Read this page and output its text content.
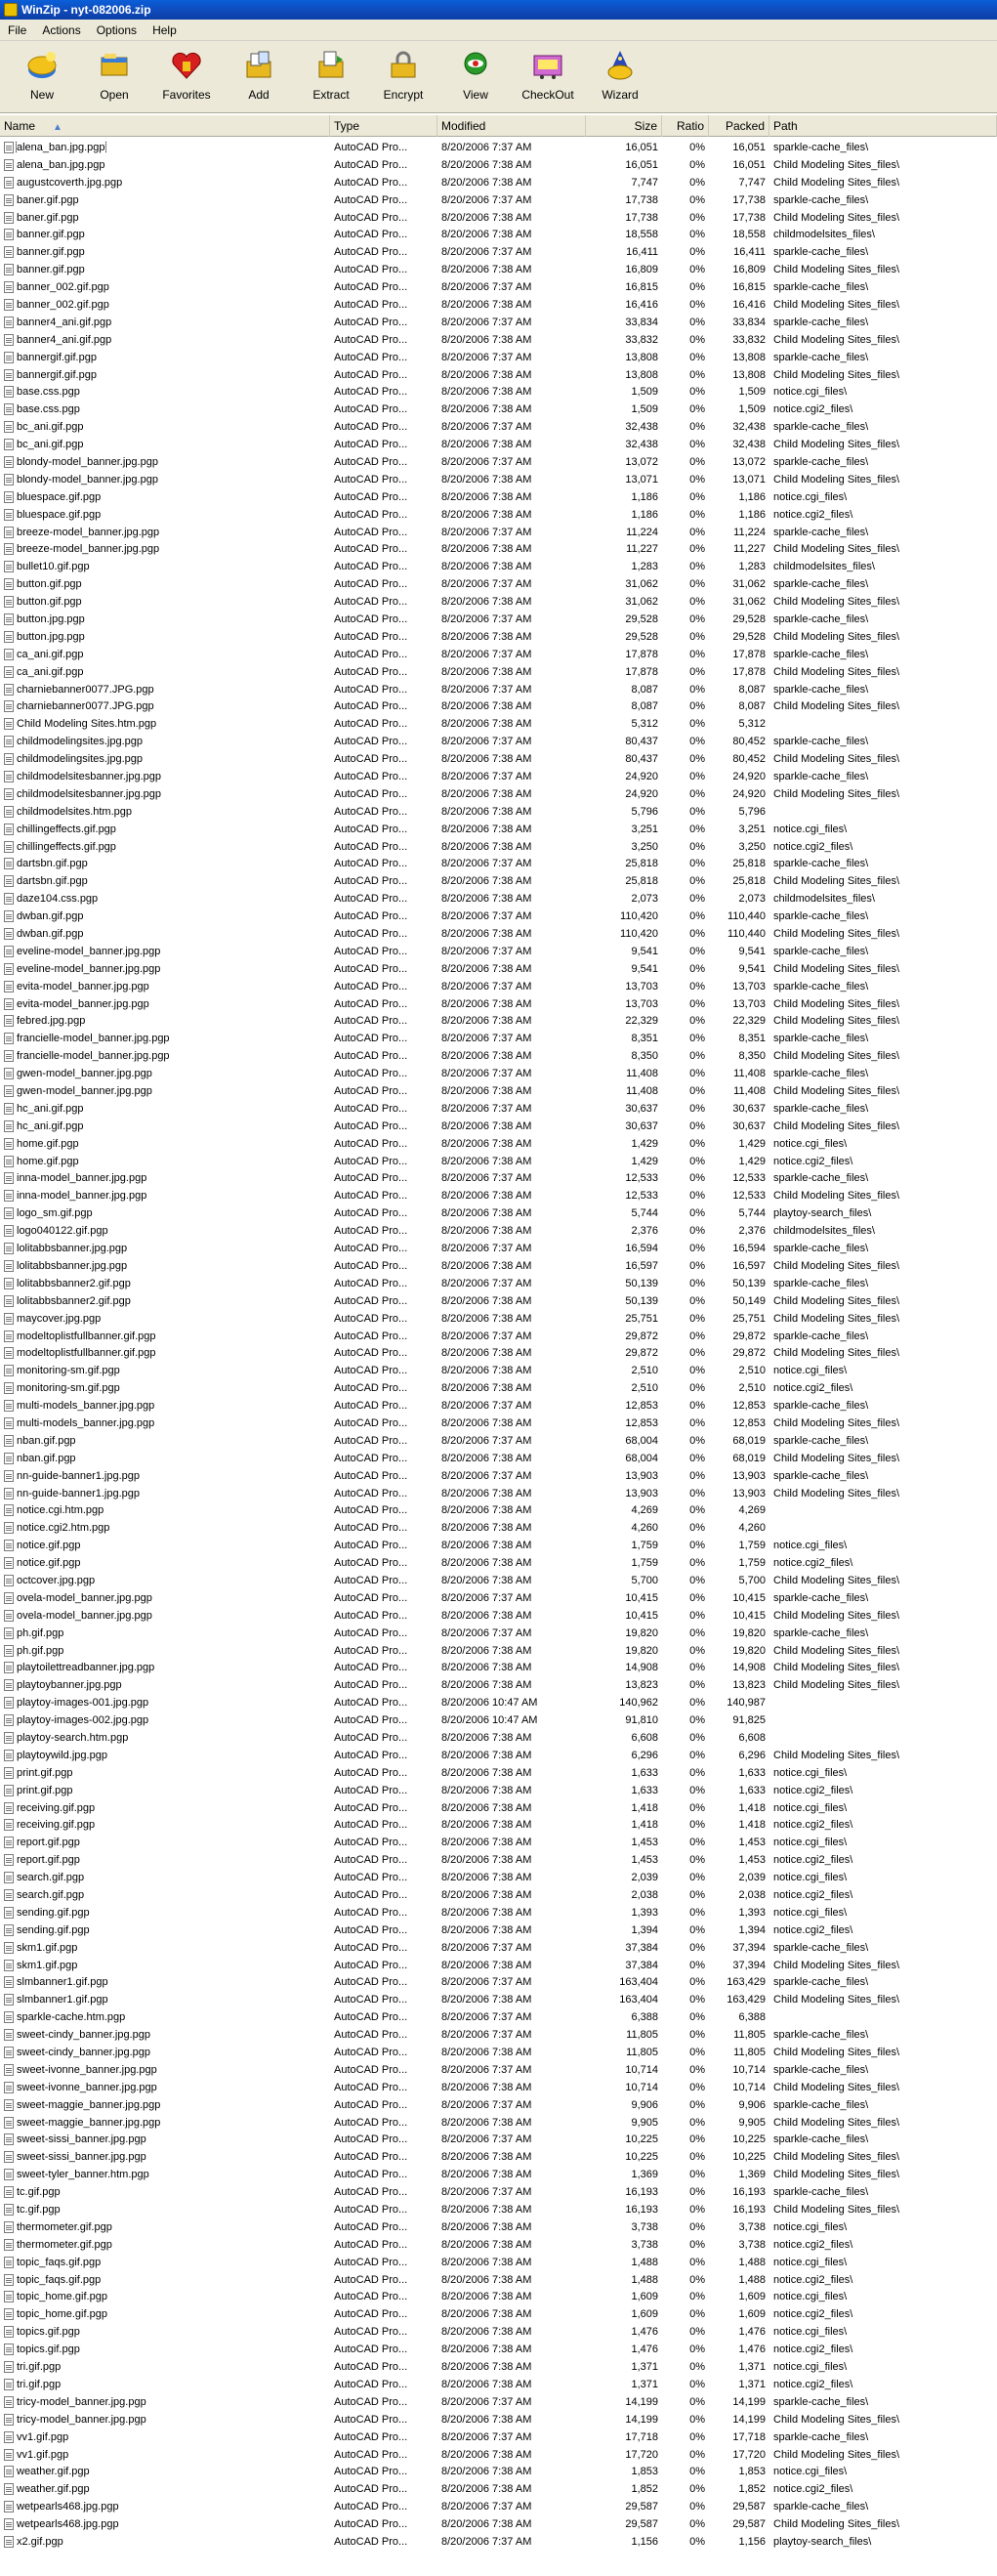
WinZip - nyt-082006.zip
File	Actions	Options	Help
New	Open	Favorites	Add	Extract	Encrypt	View	CheckOut Wizard
Name ▲	Type	Modified	Size	Ratio	Packed Path
alena_ban.jpg.pgp	AutoCAD Pro...	8/20/2006 7:37 AM	16,051	0%	16,051 sparkle-cache_files\
alena_ban.jpg.pgp	AutoCAD Pro...	8/20/2006 7:38 AM	16,051	0%	16,051 Child Modeling Sites_files\
augustcoverth.jpg.pgp	AutoCAD Pro...	8/20/2006 7:38 AM	7,747	0%	7,747 Child Modeling Sites_files\
baner.gif.pgp	AutoCAD Pro...	8/20/2006 7:37 AM	17,738	0%	17,738 sparkle-cache_files\
baner.gif.pgp	AutoCAD Pro...	8/20/2006 7:38 AM	17,738	0%	17,738 Child Modeling Sites_files\
banner.gif.pgp	AutoCAD Pro...	8/20/2006 7:38 AM	18,558	0%	18,558 childmodelsites_files\
banner.gif.pgp	AutoCAD Pro...	8/20/2006 7:37 AM	16,411	0%	16,411 sparkle-cache_files\
banner.gif.pgp	AutoCAD Pro...	8/20/2006 7:38 AM	16,809	0%	16,809 Child Modeling Sites_files\
banner_002.gif.pgp	AutoCAD Pro...	8/20/2006 7:37 AM	16,815	0%	16,815 sparkle-cache_files\
banner_002.gif.pgp	AutoCAD Pro...	8/20/2006 7:38 AM	16,416	0%	16,416 Child Modeling Sites_files\
banner4_ani.gif.pgp	AutoCAD Pro...	8/20/2006 7:37 AM	33,834	0%	33,834 sparkle-cache_files\
banner4_ani.gif.pgp	AutoCAD Pro...	8/20/2006 7:38 AM	33,832	0%	33,832 Child Modeling Sites_files\
bannergif.gif.pgp	AutoCAD Pro...	8/20/2006 7:37 AM	13,808	0%	13,808 sparkle-cache_files\
bannergif.gif.pgp	AutoCAD Pro...	8/20/2006 7:38 AM	13,808	0%	13,808 Child Modeling Sites_files\
base.css.pgp	AutoCAD Pro...	8/20/2006 7:38 AM	1,509	0%	1,509 notice.cgi_files\
base.css.pgp	AutoCAD Pro...	8/20/2006 7:38 AM	1,509	0%	1,509 notice.cgi2_files\
bc_ani.gif.pgp	AutoCAD Pro...	8/20/2006 7:37 AM	32,438	0%	32,438 sparkle-cache_files\
bc_ani.gif.pgp	AutoCAD Pro...	8/20/2006 7:38 AM	32,438	0%	32,438 Child Modeling Sites_files\
blondy-model_banner.jpg.pgp	AutoCAD Pro...	8/20/2006 7:37 AM	13,072	0%	13,072 sparkle-cache_files\
blondy-model_banner.jpg.pgp	AutoCAD Pro...	8/20/2006 7:38 AM	13,071	0%	13,071 Child Modeling Sites_files\
bluespace.gif.pgp	AutoCAD Pro...	8/20/2006 7:38 AM	1,186	0%	1,186 notice.cgi_files\
bluespace.gif.pgp	AutoCAD Pro...	8/20/2006 7:38 AM	1,186	0%	1,186 notice.cgi2_files\
breeze-model_banner.jpg.pgp	AutoCAD Pro...	8/20/2006 7:37 AM	11,224	0%	11,224 sparkle-cache_files\
breeze-model_banner.jpg.pgp	AutoCAD Pro...	8/20/2006 7:38 AM	11,227	0%	11,227 Child Modeling Sites_files\
bullet10.gif.pgp	AutoCAD Pro...	8/20/2006 7:38 AM	1,283	0%	1,283 childmodelsites_files\
button.gif.pgp	AutoCAD Pro...	8/20/2006 7:37 AM	31,062	0%	31,062 sparkle-cache_files\
button.gif.pgp	AutoCAD Pro...	8/20/2006 7:38 AM	31,062	0%	31,062 Child Modeling Sites_files\
button.jpg.pgp	AutoCAD Pro...	8/20/2006 7:37 AM	29,528	0%	29,528 sparkle-cache_files\
button.jpg.pgp	AutoCAD Pro...	8/20/2006 7:38 AM	29,528	0%	29,528 Child Modeling Sites_files\
ca_ani.gif.pgp	AutoCAD Pro...	8/20/2006 7:37 AM	17,878	0%	17,878 sparkle-cache_files\
ca_ani.gif.pgp	AutoCAD Pro...	8/20/2006 7:38 AM	17,878	0%	17,878 Child Modeling Sites_files\
charniebanner0077.JPG.pgp	AutoCAD Pro...	8/20/2006 7:37 AM	8,087	0%	8,087 sparkle-cache_files\
charniebanner0077.JPG.pgp	AutoCAD Pro...	8/20/2006 7:38 AM	8,087	0%	8,087 Child Modeling Sites_files\
Child Modeling Sites.htm.pgp	AutoCAD Pro...	8/20/2006 7:38 AM	5,312	0%	5,312
childmodelingsites.jpg.pgp	AutoCAD Pro...	8/20/2006 7:37 AM	80,437	0%	80,452 sparkle-cache_files\
childmodelingsites.jpg.pgp	AutoCAD Pro...	8/20/2006 7:38 AM	80,437	0%	80,452 Child Modeling Sites_files\
childmodelsitesbanner.jpg.pgp	AutoCAD Pro...	8/20/2006 7:37 AM	24,920	0%	24,920 sparkle-cache_files\
childmodelsitesbanner.jpg.pgp	AutoCAD Pro...	8/20/2006 7:38 AM	24,920	0%	24,920 Child Modeling Sites_files\
childmodelsites.htm.pgp	AutoCAD Pro...	8/20/2006 7:38 AM	5,796	0%	5,796
chillingeffects.gif.pgp	AutoCAD Pro...	8/20/2006 7:38 AM	3,251	0%	3,251 notice.cgi_files\
chillingeffects.gif.pgp	AutoCAD Pro...	8/20/2006 7:38 AM	3,250	0%	3,250 notice.cgi2_files\
dartsbn.gif.pgp	AutoCAD Pro...	8/20/2006 7:37 AM	25,818	0%	25,818 sparkle-cache_files\
dartsbn.gif.pgp	AutoCAD Pro...	8/20/2006 7:38 AM	25,818	0%	25,818 Child Modeling Sites_files\
daze104.css.pgp	AutoCAD Pro...	8/20/2006 7:38 AM	2,073	0%	2,073 childmodelsites_files\
dwban.gif.pgp	AutoCAD Pro...	8/20/2006 7:37 AM	110,420	0%	110,440 sparkle-cache_files\
dwban.gif.pgp	AutoCAD Pro...	8/20/2006 7:38 AM	110,420	0%	110,440 Child Modeling Sites_files\
eveline-model_banner.jpg.pgp	AutoCAD Pro...	8/20/2006 7:37 AM	9,541	0%	9,541 sparkle-cache_files\
eveline-model_banner.jpg.pgp	AutoCAD Pro...	8/20/2006 7:38 AM	9,541	0%	9,541 Child Modeling Sites_files\
evita-model_banner.jpg.pgp	AutoCAD Pro...	8/20/2006 7:37 AM	13,703	0%	13,703 sparkle-cache_files\
evita-model_banner.jpg.pgp	AutoCAD Pro...	8/20/2006 7:38 AM	13,703	0%	13,703 Child Modeling Sites_files\
febred.jpg.pgp	AutoCAD Pro...	8/20/2006 7:38 AM	22,329	0%	22,329 Child Modeling Sites_files\
francielle-model_banner.jpg.pgp	AutoCAD Pro...	8/20/2006 7:37 AM	8,351	0%	8,351 sparkle-cache_files\
francielle-model_banner.jpg.pgp	AutoCAD Pro...	8/20/2006 7:38 AM	8,350	0%	8,350 Child Modeling Sites_files\
gwen-model_banner.jpg.pgp	AutoCAD Pro...	8/20/2006 7:37 AM	11,408	0%	11,408 sparkle-cache_files\
gwen-model_banner.jpg.pgp	AutoCAD Pro...	8/20/2006 7:38 AM	11,408	0%	11,408 Child Modeling Sites_files\
hc_ani.gif.pgp	AutoCAD Pro...	8/20/2006 7:37 AM	30,637	0%	30,637 sparkle-cache_files\
hc_ani.gif.pgp	AutoCAD Pro...	8/20/2006 7:38 AM	30,637	0%	30,637 Child Modeling Sites_files\
home.gif.pgp	AutoCAD Pro...	8/20/2006 7:38 AM	1,429	0%	1,429 notice.cgi_files\
home.gif.pgp	AutoCAD Pro...	8/20/2006 7:38 AM	1,429	0%	1,429 notice.cgi2_files\
inna-model_banner.jpg.pgp	AutoCAD Pro...	8/20/2006 7:37 AM	12,533	0%	12,533 sparkle-cache_files\
inna-model_banner.jpg.pgp	AutoCAD Pro...	8/20/2006 7:38 AM	12,533	0%	12,533 Child Modeling Sites_files\
logo_sm.gif.pgp	AutoCAD Pro...	8/20/2006 7:38 AM	5,744	0%	5,744 playtoy-search_files\
logo040122.gif.pgp	AutoCAD Pro...	8/20/2006 7:38 AM	2,376	0%	2,376 childmodelsites_files\
lolitabbsbanner.jpg.pgp	AutoCAD Pro...	8/20/2006 7:37 AM	16,594	0%	16,594 sparkle-cache_files\
lolitabbsbanner.jpg.pgp	AutoCAD Pro...	8/20/2006 7:38 AM	16,597	0%	16,597 Child Modeling Sites_files\
lolitabbsbanner2.gif.pgp	AutoCAD Pro...	8/20/2006 7:37 AM	50,139	0%	50,139 sparkle-cache_files\
lolitabbsbanner2.gif.pgp	AutoCAD Pro...	8/20/2006 7:38 AM	50,139	0%	50,149 Child Modeling Sites_files\
maycover.jpg.pgp	AutoCAD Pro...	8/20/2006 7:38 AM	25,751	0%	25,751 Child Modeling Sites_files\
modeltoplistfullbanner.gif.pgp	AutoCAD Pro...	8/20/2006 7:37 AM	29,872	0%	29,872 sparkle-cache_files\
modeltoplistfullbanner.gif.pgp	AutoCAD Pro...	8/20/2006 7:38 AM	29,872	0%	29,872 Child Modeling Sites_files\
monitoring-sm.gif.pgp	AutoCAD Pro...	8/20/2006 7:38 AM	2,510	0%	2,510 notice.cgi_files\
monitoring-sm.gif.pgp	AutoCAD Pro...	8/20/2006 7:38 AM	2,510	0%	2,510 notice.cgi2_files\
multi-models_banner.jpg.pgp	AutoCAD Pro...	8/20/2006 7:37 AM	12,853	0%	12,853 sparkle-cache_files\
multi-models_banner.jpg.pgp	AutoCAD Pro...	8/20/2006 7:38 AM	12,853	0%	12,853 Child Modeling Sites_files\
nban.gif.pgp	AutoCAD Pro...	8/20/2006 7:37 AM	68,004	0%	68,019 sparkle-cache_files\
nban.gif.pgp	AutoCAD Pro...	8/20/2006 7:38 AM	68,004	0%	68,019 Child Modeling Sites_files\
nn-guide-banner1.jpg.pgp	AutoCAD Pro...	8/20/2006 7:37 AM	13,903	0%	13,903 sparkle-cache_files\
nn-guide-banner1.jpg.pgp	AutoCAD Pro...	8/20/2006 7:38 AM	13,903	0%	13,903 Child Modeling Sites_files\
notice.cgi.htm.pgp	AutoCAD Pro...	8/20/2006 7:38 AM	4,269	0%	4,269
notice.cgi2.htm.pgp	AutoCAD Pro...	8/20/2006 7:38 AM	4,260	0%	4,260
notice.gif.pgp	AutoCAD Pro...	8/20/2006 7:38 AM	1,759	0%	1,759 notice.cgi_files\
notice.gif.pgp	AutoCAD Pro...	8/20/2006 7:38 AM	1,759	0%	1,759 notice.cgi2_files\
octcover.jpg.pgp	AutoCAD Pro...	8/20/2006 7:38 AM	5,700	0%	5,700 Child Modeling Sites_files\
ovela-model_banner.jpg.pgp	AutoCAD Pro...	8/20/2006 7:37 AM	10,415	0%	10,415 sparkle-cache_files\
ovela-model_banner.jpg.pgp	AutoCAD Pro...	8/20/2006 7:38 AM	10,415	0%	10,415 Child Modeling Sites_files\
ph.gif.pgp	AutoCAD Pro...	8/20/2006 7:37 AM	19,820	0%	19,820 sparkle-cache_files\
ph.gif.pgp	AutoCAD Pro...	8/20/2006 7:38 AM	19,820	0%	19,820 Child Modeling Sites_files\
playtoilettreadbanner.jpg.pgp	AutoCAD Pro...	8/20/2006 7:38 AM	14,908	0%	14,908 Child Modeling Sites_files\
playtoybanner.jpg.pgp	AutoCAD Pro...	8/20/2006 7:38 AM	13,823	0%	13,823 Child Modeling Sites_files\
playtoy-images-001.jpg.pgp	AutoCAD Pro...	8/20/2006 10:47 AM	140,962	0%	140,987
playtoy-images-002.jpg.pgp	AutoCAD Pro...	8/20/2006 10:47 AM	91,810	0%	91,825
playtoy-search.htm.pgp	AutoCAD Pro...	8/20/2006 7:38 AM	6,608	0%	6,608
playtoywild.jpg.pgp	AutoCAD Pro...	8/20/2006 7:38 AM	6,296	0%	6,296 Child Modeling Sites_files\
print.gif.pgp	AutoCAD Pro...	8/20/2006 7:38 AM	1,633	0%	1,633 notice.cgi_files\
print.gif.pgp	AutoCAD Pro...	8/20/2006 7:38 AM	1,633	0%	1,633 notice.cgi2_files\
receiving.gif.pgp	AutoCAD Pro...	8/20/2006 7:38 AM	1,418	0%	1,418 notice.cgi_files\
receiving.gif.pgp	AutoCAD Pro...	8/20/2006 7:38 AM	1,418	0%	1,418 notice.cgi2_files\
report.gif.pgp	AutoCAD Pro...	8/20/2006 7:38 AM	1,453	0%	1,453 notice.cgi_files\
report.gif.pgp	AutoCAD Pro...	8/20/2006 7:38 AM	1,453	0%	1,453 notice.cgi2_files\
search.gif.pgp	AutoCAD Pro...	8/20/2006 7:38 AM	2,039	0%	2,039 notice.cgi_files\
search.gif.pgp	AutoCAD Pro...	8/20/2006 7:38 AM	2,038	0%	2,038 notice.cgi2_files\
sending.gif.pgp	AutoCAD Pro...	8/20/2006 7:38 AM	1,393	0%	1,393 notice.cgi_files\
sending.gif.pgp	AutoCAD Pro...	8/20/2006 7:38 AM	1,394	0%	1,394 notice.cgi2_files\
skm1.gif.pgp	AutoCAD Pro...	8/20/2006 7:37 AM	37,384	0%	37,394 sparkle-cache_files\
skm1.gif.pgp	AutoCAD Pro...	8/20/2006 7:38 AM	37,384	0%	37,394 Child Modeling Sites_files\
slmbanner1.gif.pgp	AutoCAD Pro...	8/20/2006 7:37 AM	163,404	0%	163,429 sparkle-cache_files\
slmbanner1.gif.pgp	AutoCAD Pro...	8/20/2006 7:38 AM	163,404	0%	163,429 Child Modeling Sites_files\
sparkle-cache.htm.pgp	AutoCAD Pro...	8/20/2006 7:37 AM	6,388	0%	6,388
sweet-cindy_banner.jpg.pgp	AutoCAD Pro...	8/20/2006 7:37 AM	11,805	0%	11,805 sparkle-cache_files\
sweet-cindy_banner.jpg.pgp	AutoCAD Pro...	8/20/2006 7:38 AM	11,805	0%	11,805 Child Modeling Sites_files\
sweet-ivonne_banner.jpg.pgp	AutoCAD Pro...	8/20/2006 7:37 AM	10,714	0%	10,714 sparkle-cache_files\
sweet-ivonne_banner.jpg.pgp	AutoCAD Pro...	8/20/2006 7:38 AM	10,714	0%	10,714 Child Modeling Sites_files\
sweet-maggie_banner.jpg.pgp	AutoCAD Pro...	8/20/2006 7:37 AM	9,906	0%	9,906 sparkle-cache_files\
sweet-maggie_banner.jpg.pgp	AutoCAD Pro...	8/20/2006 7:38 AM	9,905	0%	9,905 Child Modeling Sites_files\
sweet-sissi_banner.jpg.pgp	AutoCAD Pro...	8/20/2006 7:37 AM	10,225	0%	10,225 sparkle-cache_files\
sweet-sissi_banner.jpg.pgp	AutoCAD Pro...	8/20/2006 7:38 AM	10,225	0%	10,225 Child Modeling Sites_files\
sweet-tyler_banner.htm.pgp	AutoCAD Pro...	8/20/2006 7:38 AM	1,369	0%	1,369 Child Modeling Sites_files\
tc.gif.pgp	AutoCAD Pro...	8/20/2006 7:37 AM	16,193	0%	16,193 sparkle-cache_files\
tc.gif.pgp	AutoCAD Pro...	8/20/2006 7:38 AM	16,193	0%	16,193 Child Modeling Sites_files\
thermometer.gif.pgp	AutoCAD Pro...	8/20/2006 7:38 AM	3,738	0%	3,738 notice.cgi_files\
thermometer.gif.pgp	AutoCAD Pro...	8/20/2006 7:38 AM	3,738	0%	3,738 notice.cgi2_files\
topic_faqs.gif.pgp	AutoCAD Pro...	8/20/2006 7:38 AM	1,488	0%	1,488 notice.cgi_files\
topic_faqs.gif.pgp	AutoCAD Pro...	8/20/2006 7:38 AM	1,488	0%	1,488 notice.cgi2_files\
topic_home.gif.pgp	AutoCAD Pro...	8/20/2006 7:38 AM	1,609	0%	1,609 notice.cgi_files\
topic_home.gif.pgp	AutoCAD Pro...	8/20/2006 7:38 AM	1,609	0%	1,609 notice.cgi2_files\
topics.gif.pgp	AutoCAD Pro...	8/20/2006 7:38 AM	1,476	0%	1,476 notice.cgi_files\
topics.gif.pgp	AutoCAD Pro...	8/20/2006 7:38 AM	1,476	0%	1,476 notice.cgi2_files\
tri.gif.pgp	AutoCAD Pro...	8/20/2006 7:38 AM	1,371	0%	1,371 notice.cgi_files\
tri.gif.pgp	AutoCAD Pro...	8/20/2006 7:38 AM	1,371	0%	1,371 notice.cgi2_files\
tricy-model_banner.jpg.pgp	AutoCAD Pro...	8/20/2006 7:37 AM	14,199	0%	14,199 sparkle-cache_files\
tricy-model_banner.jpg.pgp	AutoCAD Pro...	8/20/2006 7:38 AM	14,199	0%	14,199 Child Modeling Sites_files\
vv1.gif.pgp	AutoCAD Pro...	8/20/2006 7:37 AM	17,718	0%	17,718 sparkle-cache_files\
vv1.gif.pgp	AutoCAD Pro...	8/20/2006 7:38 AM	17,720	0%	17,720 Child Modeling Sites_files\
weather.gif.pgp	AutoCAD Pro...	8/20/2006 7:38 AM	1,853	0%	1,853 notice.cgi_files\
weather.gif.pgp	AutoCAD Pro...	8/20/2006 7:38 AM	1,852	0%	1,852 notice.cgi2_files\
wetpearls468.jpg.pgp	AutoCAD Pro...	8/20/2006 7:37 AM	29,587	0%	29,587 sparkle-cache_files\
wetpearls468.jpg.pgp	AutoCAD Pro...	8/20/2006 7:38 AM	29,587	0%	29,587 Child Modeling Sites_files\
x2.gif.pgp	AutoCAD Pro...	8/20/2006 7:37 AM	1,156	0%	1,156 playtoy-search_files\
